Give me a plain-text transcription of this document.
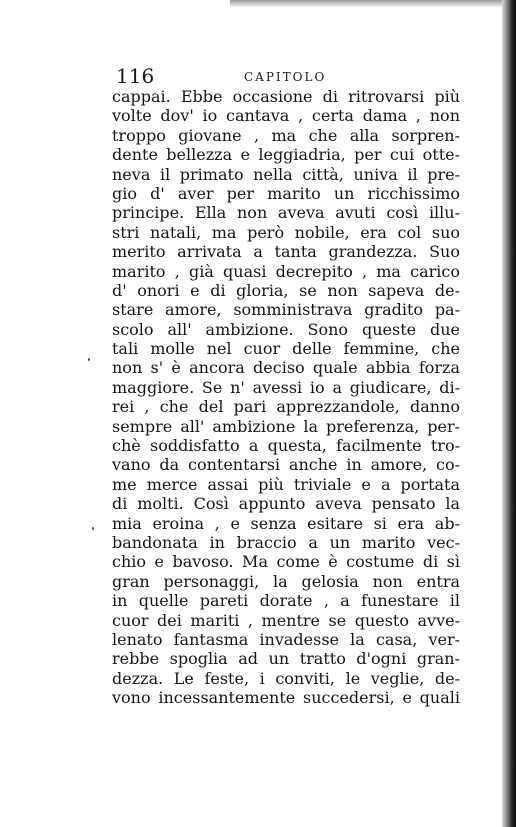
116	CAPITOLO
cappai. Ebbe occasione di ritrovarsi più
volte dov' io cantava , certa dama , non
troppo giovane , ma che alla sorpren-
dente bellezza e leggiadria, per cui otte-
neva il primato nella città, univa il pre-
gio d' aver per marito un ricchissimo
principe. Ella non aveva avuti così illu-
stri natali, ma però nobile, era col suo
merito arrivata a tanta grandezza. Suo
marito , già quasi decrepito , ma carico
d' onori e di gloria, se non sapeva de-
stare amore, somministrava gradito pa-
scolo all' ambizione. Sono queste due
tali molle nel cuor delle femmine, che
non s' è ancora deciso quale abbia forza
maggiore. Se n' avessi io a giudicare, di-
rei , che del pari apprezzandole, danno
sempre all' ambizione la preferenza, per-
chè soddisfatto a questa, facilmente tro-
vano da contentarsi anche in amore, co-
me merce assai più triviale e a portata
di molti. Così appunto aveva pensato la
mia eroina , e senza esitare si era ab-
bandonata in braccio a un marito vec-
chio e bavoso. Ma come è costume di sì
gran personaggi, la gelosia non entra
in quelle pareti dorate , a funestare il
cuor dei mariti , mentre se questo avve-
lenato fantasma invadesse la casa, ver-
rebbe spoglia ad un tratto d'ogni gran-
dezza. Le feste, i conviti, le veglie, de-
vono incessantemente succedersi, e quali
